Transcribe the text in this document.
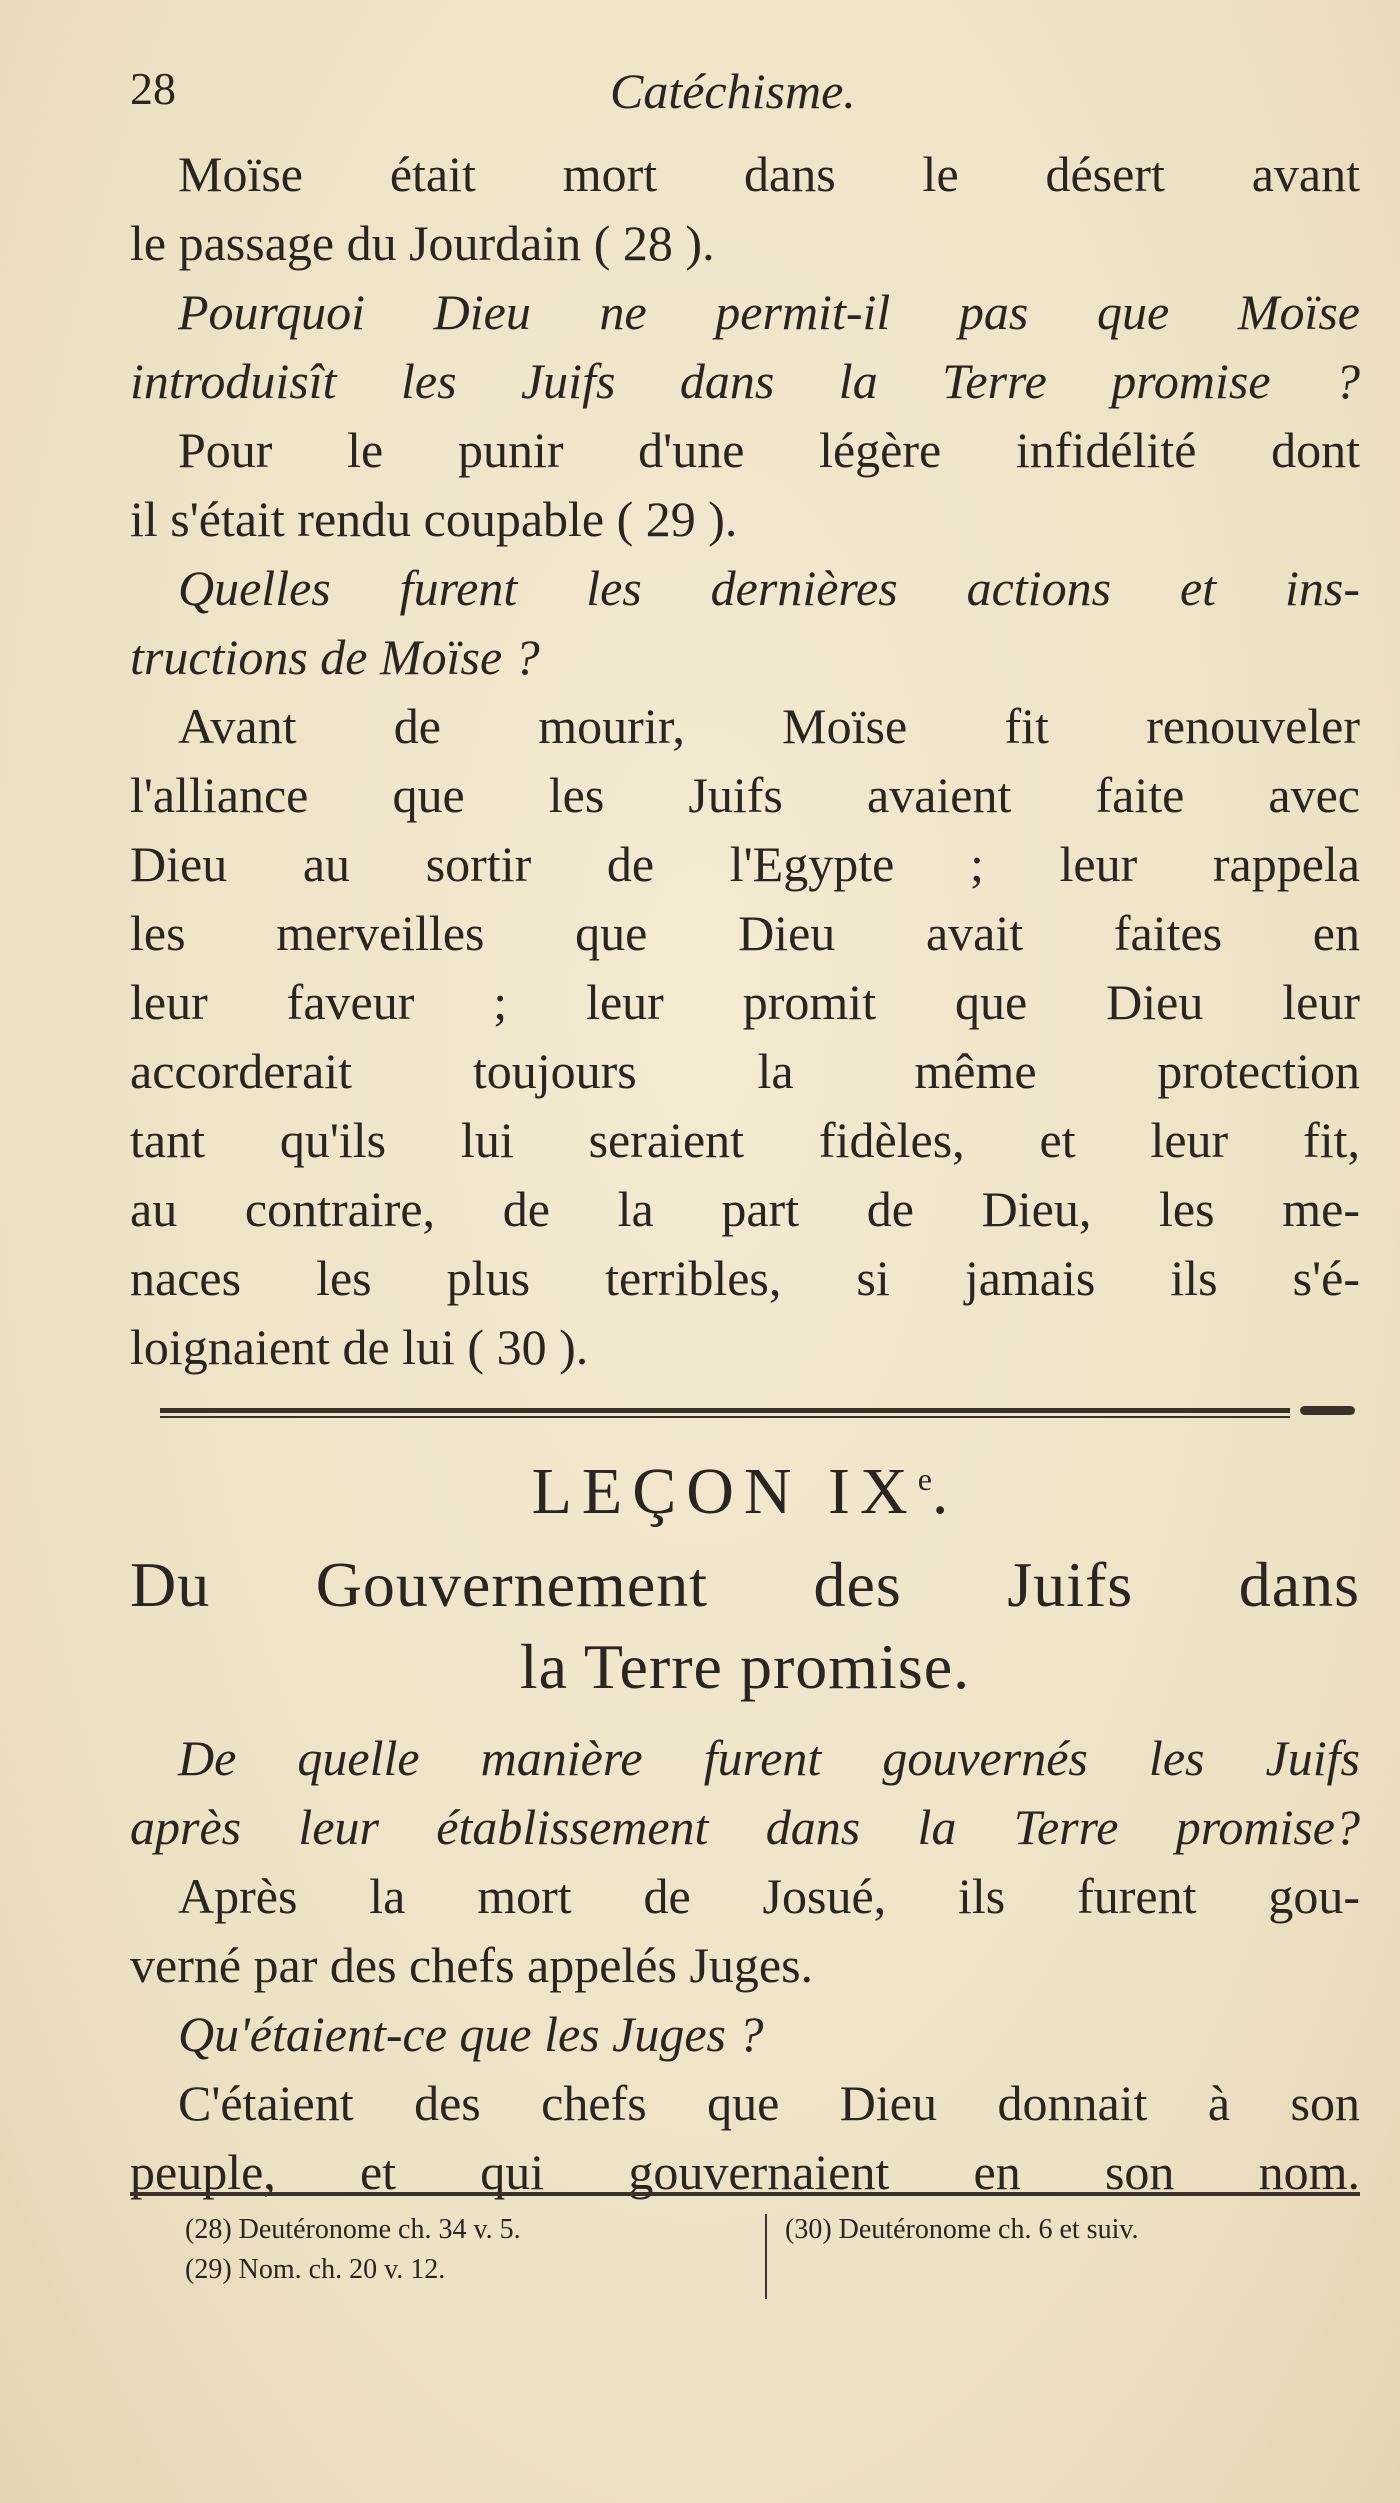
28	Catéchisme.
Moïse était mort dans le désert avant
le passage du Jourdain ( 28 ).
Pourquoi Dieu ne permit-il pas que Moïse
introduisît les Juifs dans la Terre promise ?
Pour le punir d'une légère infidélité dont
il s'était rendu coupable ( 29 ).
Quelles furent les dernières actions et ins-
tructions de Moïse ?
Avant de mourir, Moïse fit renouveler
l'alliance que les Juifs avaient faite avec
Dieu au sortir de l'Egypte ; leur rappela
les merveilles que Dieu avait faites en
leur faveur ; leur promit que Dieu leur
accorderait toujours la même protection
tant qu'ils lui seraient fidèles, et leur fit,
au contraire, de la part de Dieu, les me-
naces les plus terribles, si jamais ils s'é-
loignaient de lui ( 30 ).
LEÇON IXe.
Du Gouvernement des Juifs dans
la Terre promise.
De quelle manière furent gouvernés les Juifs
après leur établissement dans la Terre promise?
Après la mort de Josué, ils furent gou-
verné par des chefs appelés Juges.
Qu'étaient-ce que les Juges ?
C'étaient des chefs que Dieu donnait à son
peuple, et qui gouvernaient en son nom.
(28) Deutéronome ch. 34 v. 5.
(29) Nom. ch. 20 v. 12.
(30) Deutéronome ch. 6 et suiv.
